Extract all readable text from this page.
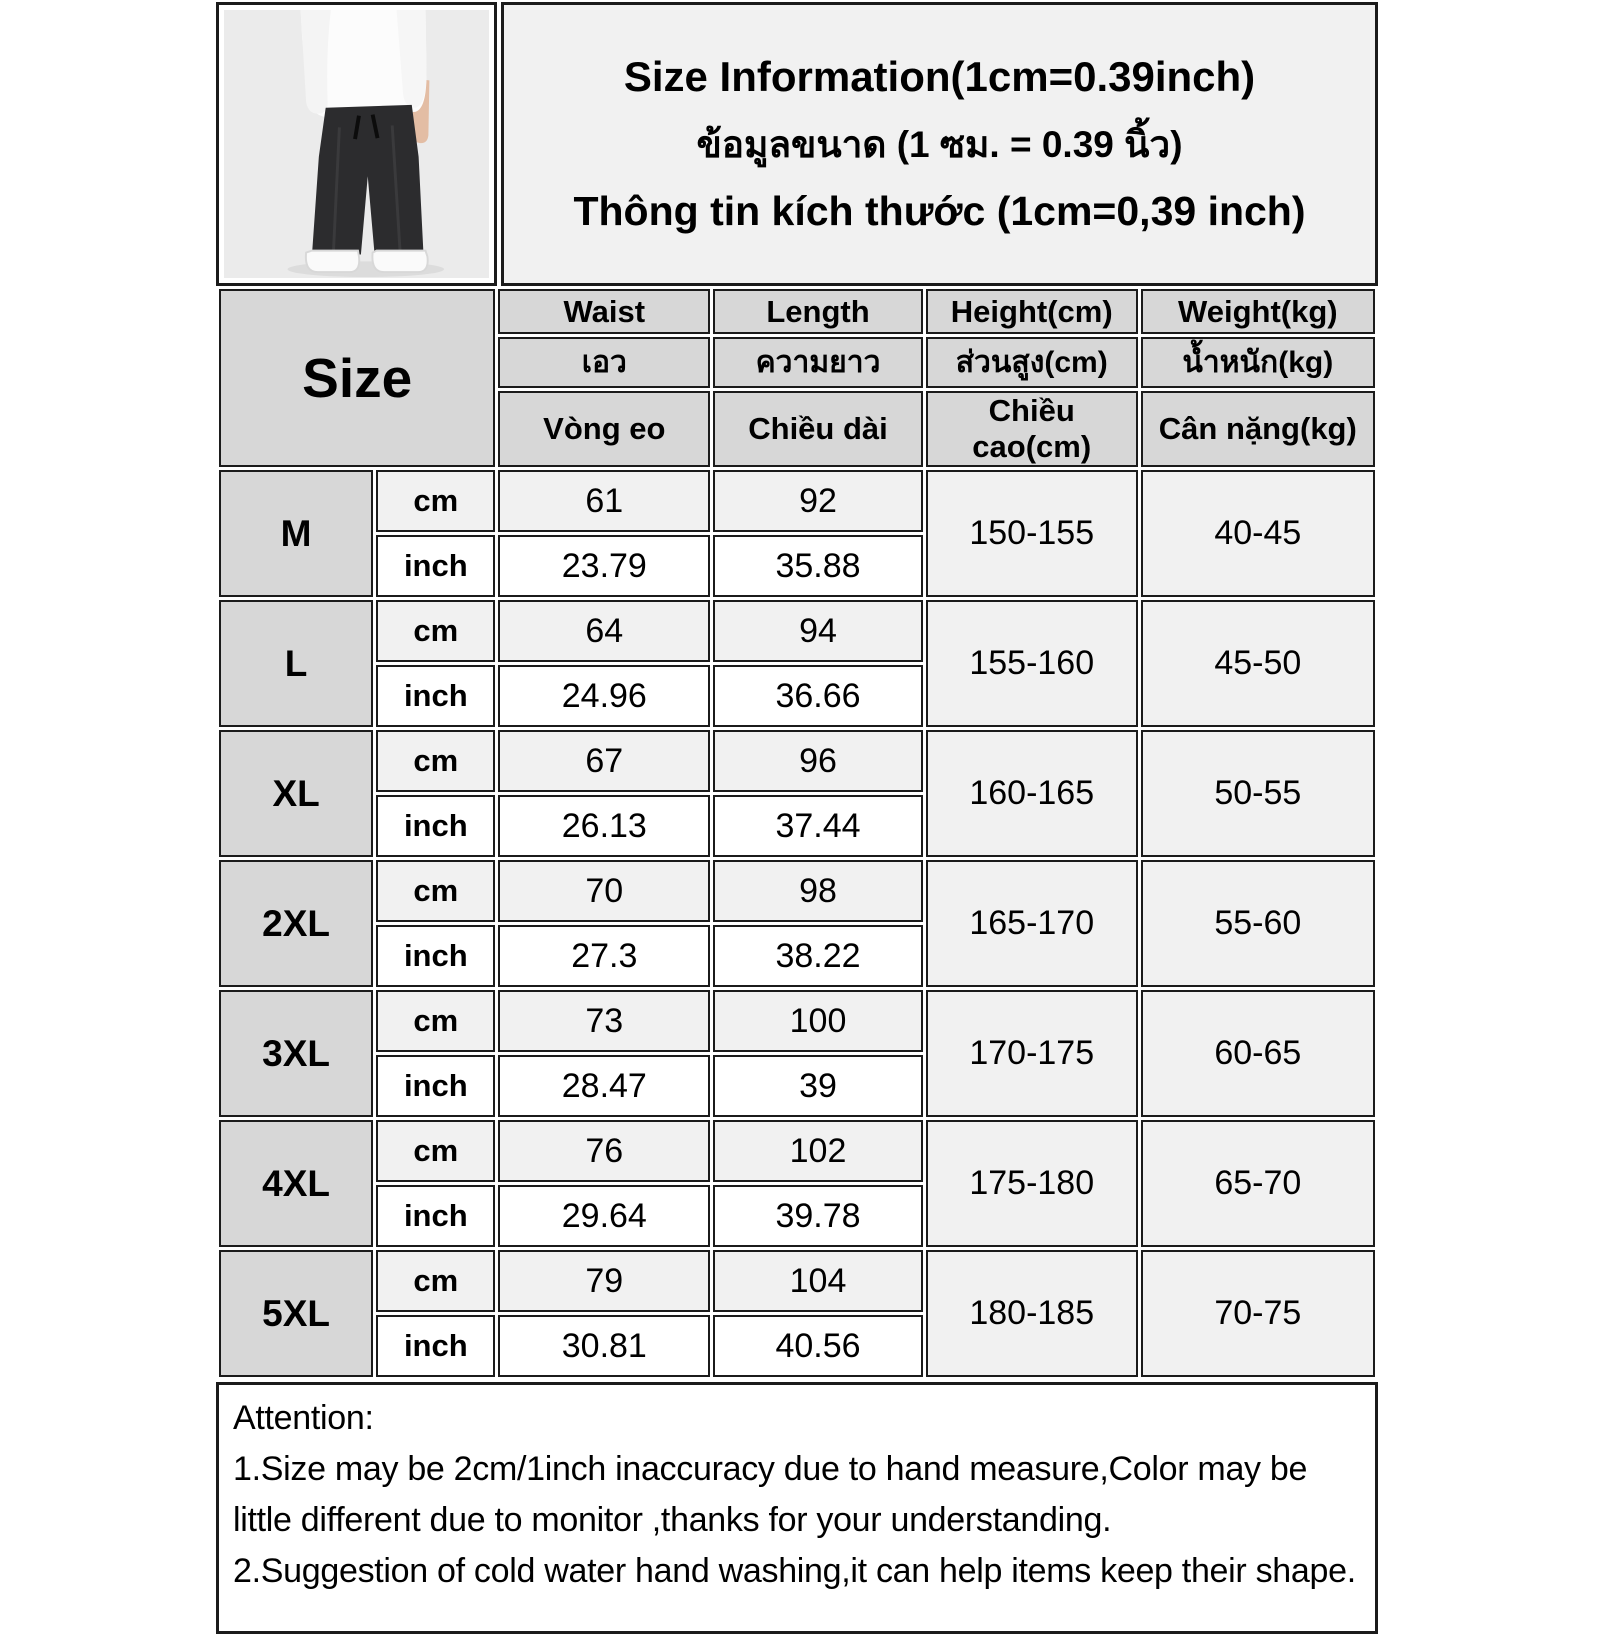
Size Information(1cm=0.39inch)
ข้อมูลขนาด (1 ซม. = 0.39 นิ้ว)
Thông tin kích thước (1cm=0,39 inch)
Size		Waist	Length	Height(cm)	Weight(kg)
		เอว	ความยาว	ส่วนสูง(cm)	น้ำหนัก(kg)
		Vòng eo	Chiều dài	Chiều cao(cm)	Cân nặng(kg)
M	cm	61	92	150-155	40-45
	inch	23.79	35.88		
L	cm	64	94	155-160	45-50
	inch	24.96	36.66		
XL	cm	67	96	160-165	50-55
	inch	26.13	37.44		
2XL	cm	70	98	165-170	55-60
	inch	27.3	38.22		
3XL	cm	73	100	170-175	60-65
	inch	28.47	39		
4XL	cm	76	102	175-180	65-70
	inch	29.64	39.78		
5XL	cm	79	104	180-185	70-75
	inch	30.81	40.56		
Attention:
1.Size may be 2cm/1inch inaccuracy due to hand measure,Color may be little different due to monitor ,thanks for your understanding.
2.Suggestion of cold water hand washing,it can help items keep their shape.
